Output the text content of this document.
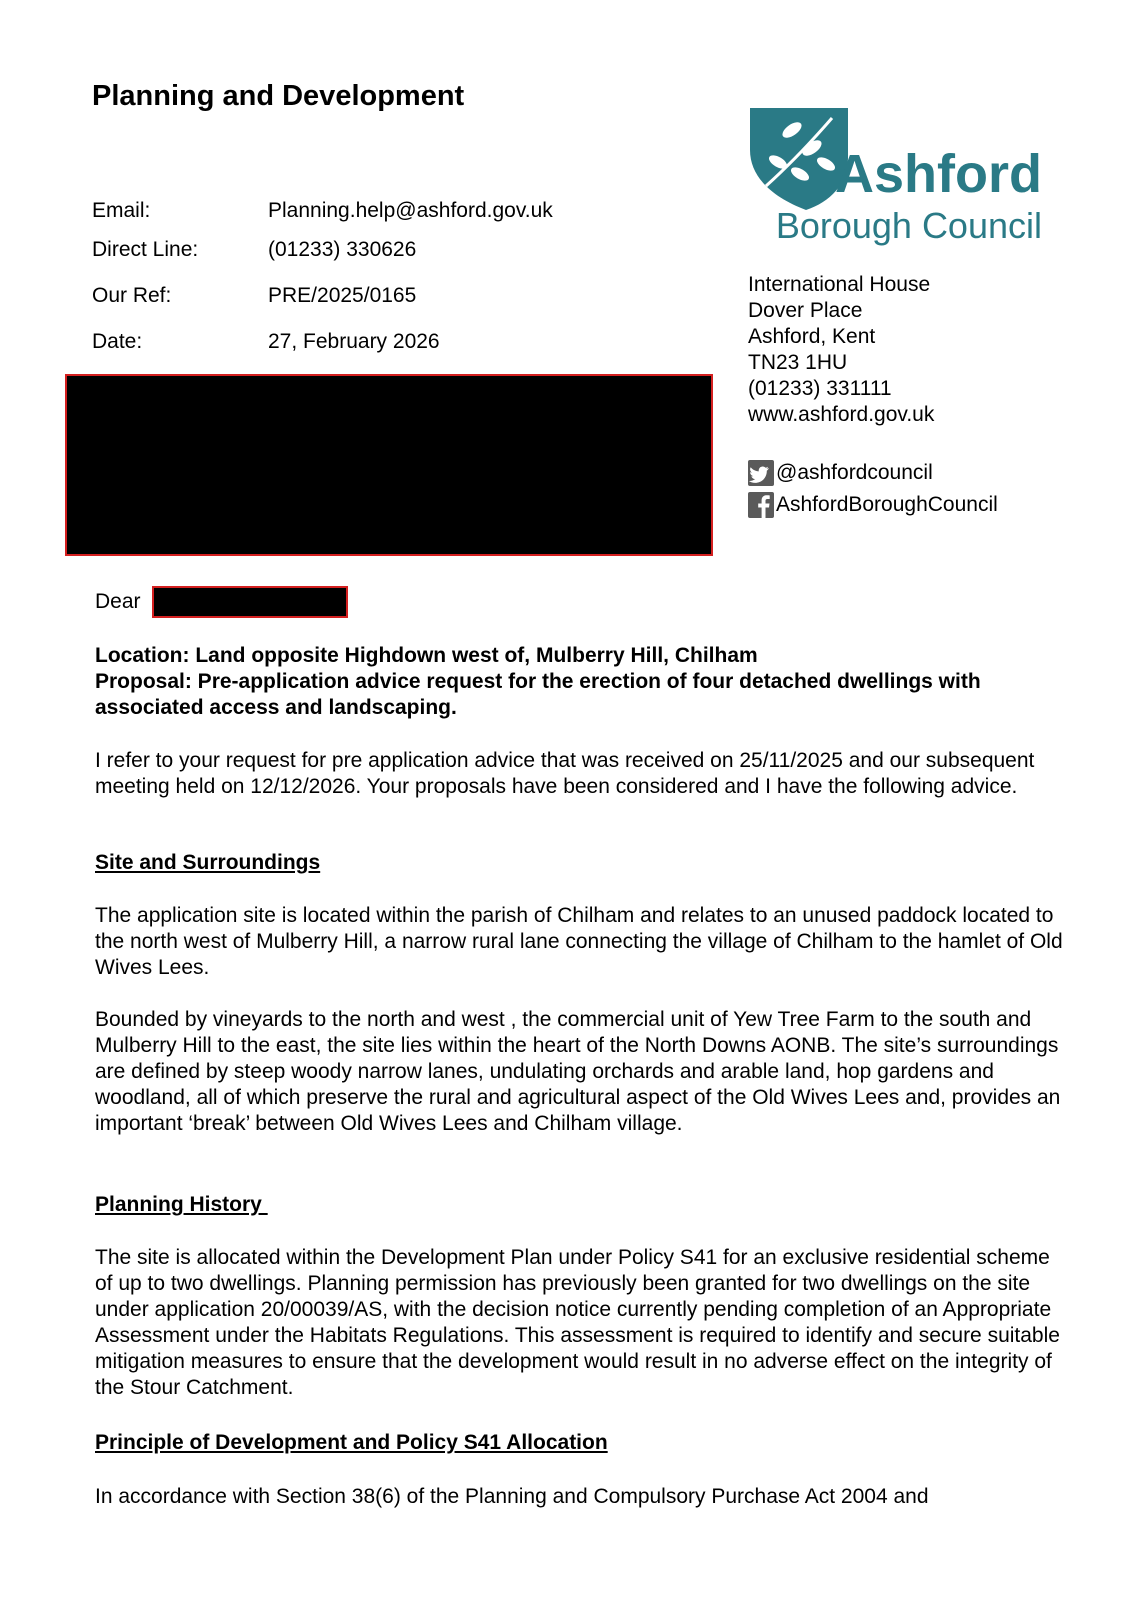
Planning and Development
Email:	Planning.help@ashford.gov.uk
Direct Line:	(01233) 330626
Our Ref:	PRE/2025/0165
Date:	27, February 2026
Ashford
Borough Council
International House
Dover Place
Ashford, Kent
TN23 1HU
(01233) 331111
www.ashford.gov.uk
@ashfordcouncil
AshfordBoroughCouncil
Dear
Location: Land opposite Highdown west of, Mulberry Hill, Chilham
Proposal: Pre-application advice request for the erection of four detached dwellings with associated access and landscaping.
I refer to your request for pre application advice that was received on 25/11/2025 and our subsequent meeting held on 12/12/2026. Your proposals have been considered and I have the following advice.
Site and Surroundings
The application site is located within the parish of Chilham and relates to an unused paddock located to the north west of Mulberry Hill, a narrow rural lane connecting the village of Chilham to the hamlet of Old Wives Lees.
Bounded by vineyards to the north and west , the commercial unit of Yew Tree Farm to the south and Mulberry Hill to the east, the site lies within the heart of the North Downs AONB. The site’s surroundings are defined by steep woody narrow lanes, undulating orchards and arable land, hop gardens and woodland, all of which preserve the rural and agricultural aspect of the Old Wives Lees and, provides an important ‘break’ between Old Wives Lees and Chilham village.
Planning History
The site is allocated within the Development Plan under Policy S41 for an exclusive residential scheme of up to two dwellings. Planning permission has previously been granted for two dwellings on the site under application 20/00039/AS, with the decision notice currently pending completion of an Appropriate Assessment under the Habitats Regulations. This assessment is required to identify and secure suitable mitigation measures to ensure that the development would result in no adverse effect on the integrity of the Stour Catchment.
Principle of Development and Policy S41 Allocation
In accordance with Section 38(6) of the Planning and Compulsory Purchase Act 2004 and
